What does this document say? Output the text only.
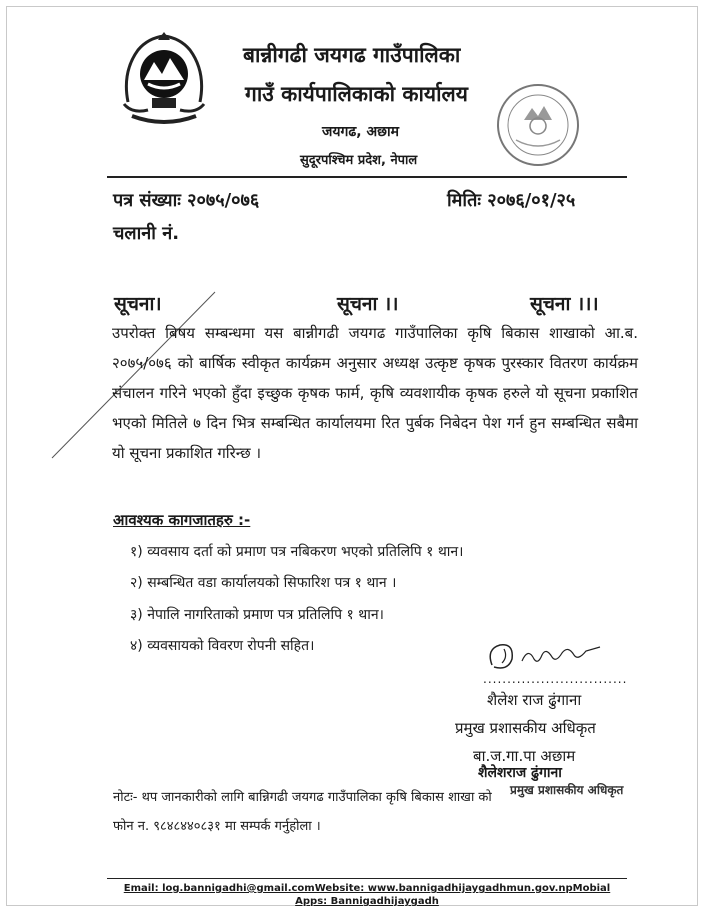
बान्नीगढी जयगढ गाउँपालिका
गाउँ कार्यपालिकाको कार्यालय
जयगढ, अछाम
सुदूरपश्चिम प्रदेश, नेपाल
पत्र संख्याः २०७५/०७६	मितिः २०७६/०१/२५
चलानी नं.
सूचना।	सूचना ।।	सूचना ।।।
उपरोक्त बिषय सम्बन्धमा यस बान्नीगढी जयगढ गाउँपालिका कृषि बिकास शाखाको आ.ब. २०७५/०७६ को बार्षिक स्वीकृत कार्यक्रम अनुसार अध्यक्ष उत्कृष्ट कृषक पुरस्कार वितरण कार्यक्रम संचालन गरिने भएको हुँदा इच्छुक कृषक फार्म, कृषि व्यवशायीक कृषक हरुले यो सूचना प्रकाशित भएको मितिले ७ दिन भित्र सम्बन्धित कार्यालयमा रित पुर्बक निबेदन पेश गर्न हुन सम्बन्धित सबैमा यो सूचना प्रकाशित गरिन्छ ।
आवश्यक कागजातहरु :-
१) व्यवसाय दर्ता को प्रमाण पत्र नबिकरण भएको प्रतिलिपि १ थान।
२) सम्बन्धित वडा कार्यालयको सिफारिश पत्र १ थान ।
३) नेपालि नागरिताको प्रमाण पत्र प्रतिलिपि १ थान।
४) व्यवसायको विवरण रोपनी सहित।
..............................
शैलेश राज ढुंगाना
प्रमुख प्रशासकीय अधिकृत
बा.ज.गा.पा अछाम
शैलेशराज ढुंगाना
नोटः- थप जानकारीको लागि बान्निगढी जयगढ गाउँपालिका कृषि बिकास शाखा को प्रमुख प्रशासकीय अधिकृत
फोन न. ९८४८४४०८३१ मा सम्पर्क गर्नुहोला ।
Email: log.bannigadhi@gmail.comWebsite: www.bannigadhijaygadhmun.gov.npMobial Apps: Bannigadhijaygadh
